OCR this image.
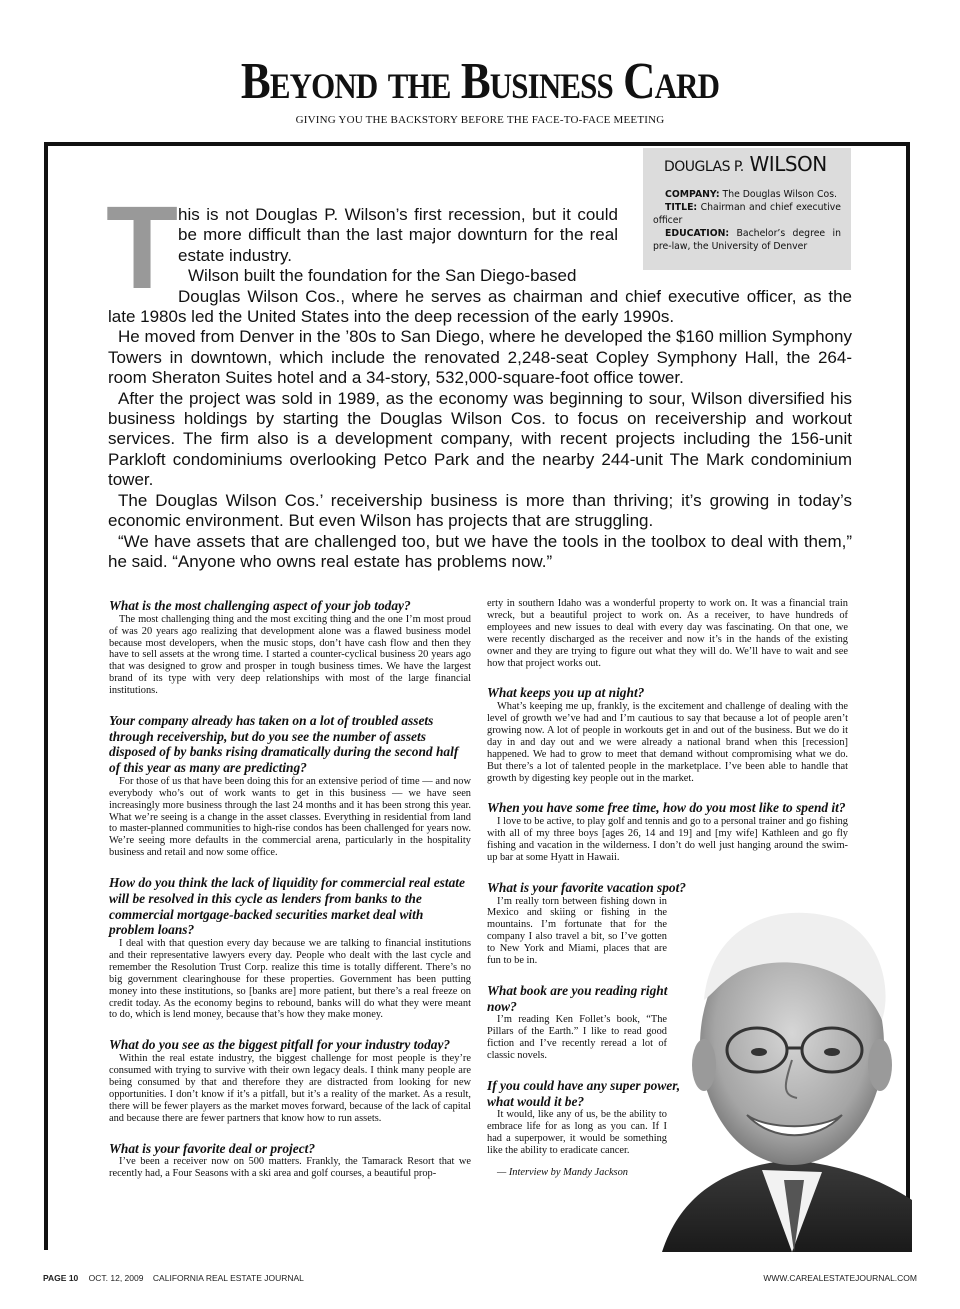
Beyond the Business Card
GIVING YOU THE BACKSTORY BEFORE THE FACE-TO-FACE MEETING
DOUGLAS P. WILSON

COMPANY: The Douglas Wilson Cos.

TITLE: Chairman and chief executive officer

EDUCATION: Bachelor’s degree in pre-law, the University of Denver

T his is not Douglas P. Wilson’s first recession, but it could be more difficult than the last major downturn for the real estate industry.

Wilson built the foundation for the San Diego-based

Douglas Wilson Cos., where he serves as chairman and chief executive officer, as the late 1980s led the United States into the deep recession of the early 1990s.

He moved from Denver in the ’80s to San Diego, where he developed the $160 million Symphony Towers in downtown, which include the renovated 2,248-seat Copley Symphony Hall, the 264-room Sheraton Suites hotel and a 34-story, 532,000-square-foot office tower.

After the project was sold in 1989, as the economy was beginning to sour, Wilson diversified his business holdings by starting the Douglas Wilson Cos. to focus on receivership and workout services. The firm also is a development company, with recent projects including the 156-unit Parkloft condominiums overlooking Petco Park and the nearby 244-unit The Mark condominium tower.

The Douglas Wilson Cos.’ receivership business is more than thriving; it’s growing in today’s economic environment. But even Wilson has projects that are struggling.

“We have assets that are challenged too, but we have the tools in the toolbox to deal with them,” he said. “Anyone who owns real estate has problems now.”

What is the most challenging aspect of your job today?

The most challenging thing and the most exciting thing and the one I’m most proud of was 20 years ago realizing that development alone was a flawed business model because most developers, when the music stops, don’t have cash flow and then they have to sell assets at the wrong time. I started a counter-cyclical business 20 years ago that was designed to grow and prosper in tough business times. We have the largest brand of its type with very deep relationships with most of the large financial institutions.

Your company already has taken on a lot of troubled assets through receivership, but do you see the number of assets disposed of by banks rising dramatically during the second half of this year as many are predicting?

For those of us that have been doing this for an extensive period of time — and now everybody who’s out of work wants to get in this business — we have seen increasingly more business through the last 24 months and it has been strong this year. What we’re seeing is a change in the asset classes. Everything in residential from land to master-planned communities to high-rise condos has been challenged for years now. We’re seeing more defaults in the commercial arena, particularly in the hospitality business and retail and now some office.

How do you think the lack of liquidity for commercial real estate will be resolved in this cycle as lenders from banks to the commercial mortgage-backed securities market deal with problem loans?

I deal with that question every day because we are talking to financial institutions and their representative lawyers every day. People who dealt with the last cycle and remember the Resolution Trust Corp. realize this time is totally different. There’s no big government clearinghouse for these properties. Government has been putting money into these institutions, so [banks are] more patient, but there’s a real freeze on credit today. As the economy begins to rebound, banks will do what they were meant to do, which is lend money, because that’s how they make money.

What do you see as the biggest pitfall for your industry today?

Within the real estate industry, the biggest challenge for most people is they’re consumed with trying to survive with their own legacy deals. I think many people are being consumed by that and therefore they are distracted from looking for new opportunities. I don’t know if it’s a pitfall, but it’s a reality of the market. As a result, there will be fewer players as the market moves forward, because of the lack of capital and because there are fewer partners that know how to run assets.

What is your favorite deal or project?

I’ve been a receiver now on 500 matters. Frankly, the Tamarack Resort that we recently had, a Four Seasons with a ski area and golf courses, a beautiful prop-

erty in southern Idaho was a wonderful property to work on. It was a financial train wreck, but a beautiful project to work on. As a receiver, to have hundreds of employees and new issues to deal with every day was fascinating. On that one, we were recently discharged as the receiver and now it’s in the hands of the existing owner and they are trying to figure out what they will do. We’ll have to wait and see how that project works out.

What keeps you up at night?

What’s keeping me up, frankly, is the excitement and challenge of dealing with the level of growth we’ve had and I’m cautious to say that because a lot of people aren’t growing now. A lot of people in workouts get in and out of the business. But we do it day in and day out and we were already a national brand when this [recession] happened. We had to grow to meet that demand without compromising what we do. But there’s a lot of talented people in the marketplace. I’ve been able to handle that growth by digesting key people out in the market.

When you have some free time, how do you most like to spend it?

I love to be active, to play golf and tennis and go to a personal trainer and go fishing with all of my three boys [ages 26, 14 and 19] and [my wife] Kathleen and go fly fishing and vacation in the wilderness. I don’t do well just hanging around the swim-up bar at some Hyatt in Hawaii.

What is your favorite vacation spot?

I’m really torn between fishing down in Mexico and skiing or fishing in the mountains. I’m fortunate that for the company I also travel a bit, so I’ve gotten to New York and Miami, places that are fun to be in.

What book are you reading right now?

I’m reading Ken Follet’s book, “The Pillars of the Earth.” I like to read good fiction and I’ve recently reread a lot of classic novels.

If you could have any super power, what would it be?

It would, like any of us, be the ability to embrace life for as long as you can. If I had a superpower, it would be something like the ability to eradicate cancer.

— Interview by Mandy Jackson
PAGE 10 OCT. 12, 2009 CALIFORNIA REAL ESTATE JOURNAL	WWW.CAREALESTATEJOURNAL.COM
